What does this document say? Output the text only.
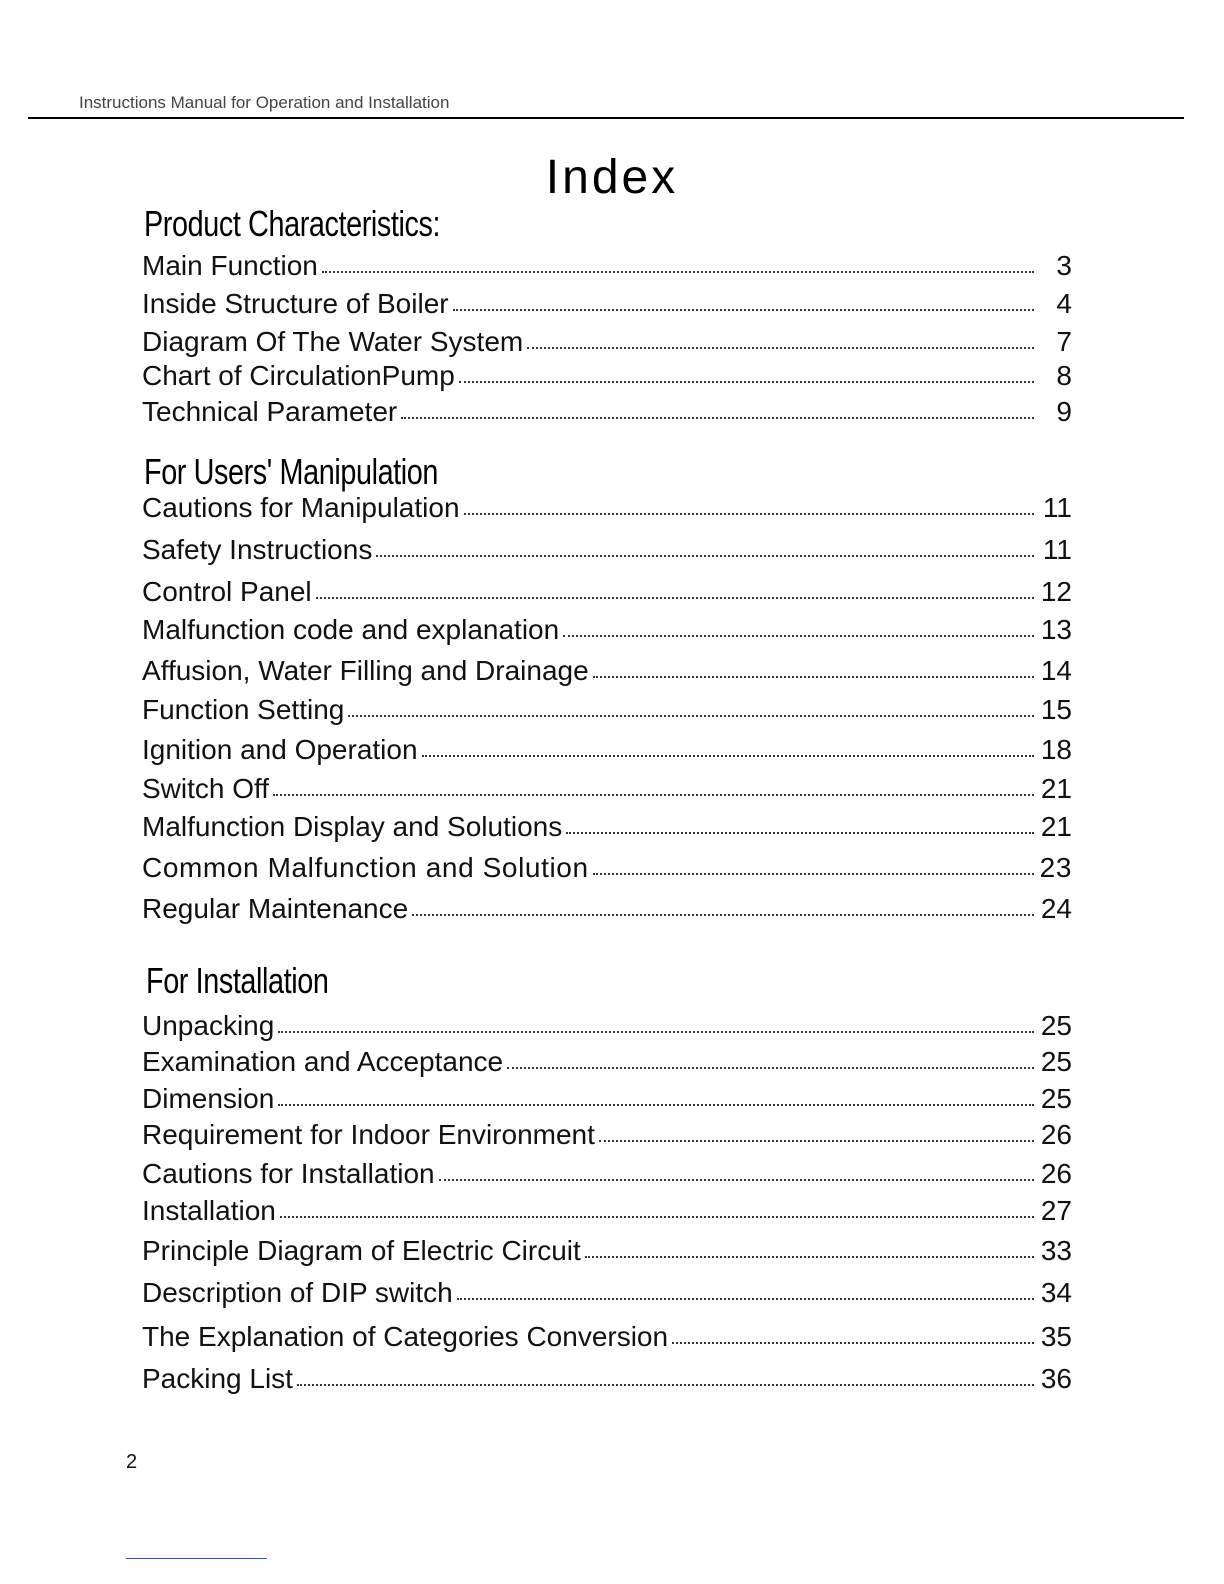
Instructions Manual for Operation and Installation
Index
Product Characteristics:
Main Function	3
Inside Structure of Boiler	4
Diagram Of The Water System	7
Chart of CirculationPump	8
Technical Parameter	9
For Users' Manipulation
Cautions for Manipulation	11
Safety Instructions	11
Control Panel	12
Malfunction code and explanation	13
Affusion, Water Filling and Drainage	14
Function Setting	15
Ignition and Operation	18
Switch Off	21
Malfunction Display and Solutions	21
Common Malfunction and Solution	23
Regular Maintenance	24
For Installation
Unpacking	25
Examination and Acceptance	25
Dimension	25
Requirement for Indoor Environment	26
Cautions for Installation	26
Installation	27
Principle Diagram of Electric Circuit	33
Description of DIP switch	34
The Explanation of Categories Conversion	35
Packing List	36
2
